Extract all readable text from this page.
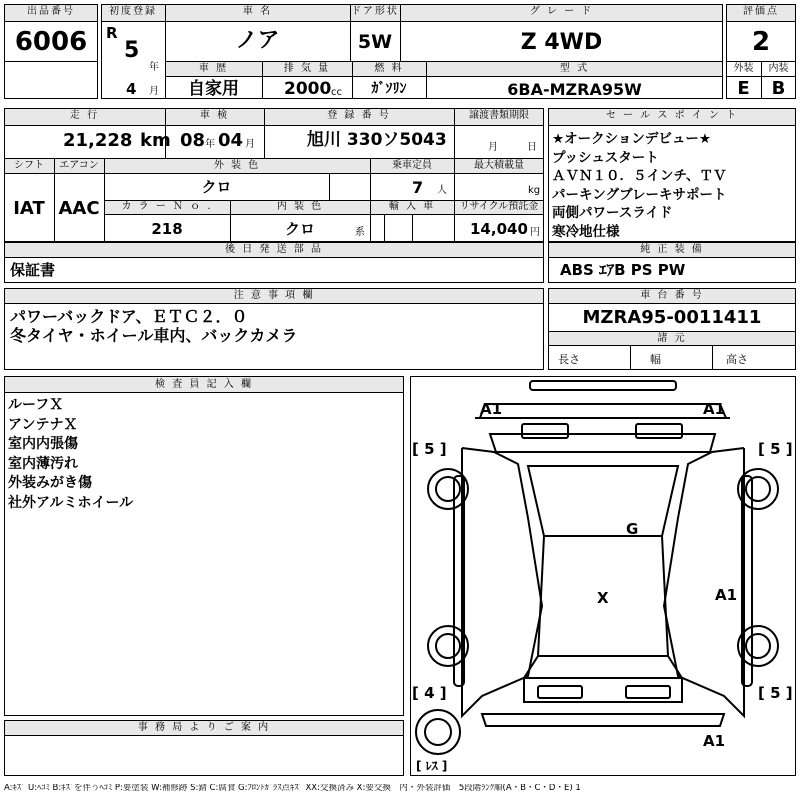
出品番号
6006
初度登録
R
5
年
4 月
車 名
ノア
ドア形状
5W
グ レ ー ド
Z 4WD
車 歴
自家用
排 気 量
2000 cc
燃 料
ｶﾞｿﾘﾝ
型 式
6BA-MZRA95W
評価点
2
外装	内装
E	B
走 行
21,228 km
車 検
08 年 04 月
登 録 番 号
旭川 330ソ5043
譲渡書類期限
月	日
シフト
IAT
エアコン
AAC
外 装 色
クロ
乗車定員
7 人
最大積載量
kg
カ ラ ー Ｎ ｏ .
218
内 装 色
クロ	系
輸 入 車	リサイクル預託金
14,040 円
セ ー ル ス ポ イ ン ト
★オークションデビュー★
プッシュスタート
ＡＶＮ１０．５インチ、ＴＶ
パーキングブレーキサポート
両側パワースライド
寒冷地仕様
後 日 発 送 部 品
保証書
純 正 装 備
ABS ｴｱB PS PW
注 意 事 項 欄
パワーバックドア、ＥＴＣ２．０
冬タイヤ・ホイール車内、バックカメラ
車 台 番 号
MZRA95-0011411
諸 元
長さ	幅	高さ
検 査 員 記 入 欄
ルーフＸ
アンテナＸ
室内内張傷
室内薄汚れ
外装みがき傷
社外アルミホイール
事 務 局 よ り ご 案 内
A1	A1
[ 5 ]	[ 5 ]
G
X	A1
[ 4 ]	[ 5 ]
A1
[ ﾚｽ ]
A:ｷｽﾞ U:ﾍｺﾐ B:ｷｽﾞを伴うﾍｺﾐ P:要塗装 W:補修跡 S:錆 C:腐食 G:ﾌﾛﾝﾄｶﾞﾗｽ点ｷｽﾞ XX:交換済み X:要交換　内・外装評価　5段階ﾗﾝｸ順(A・B・C・D・E) 1
